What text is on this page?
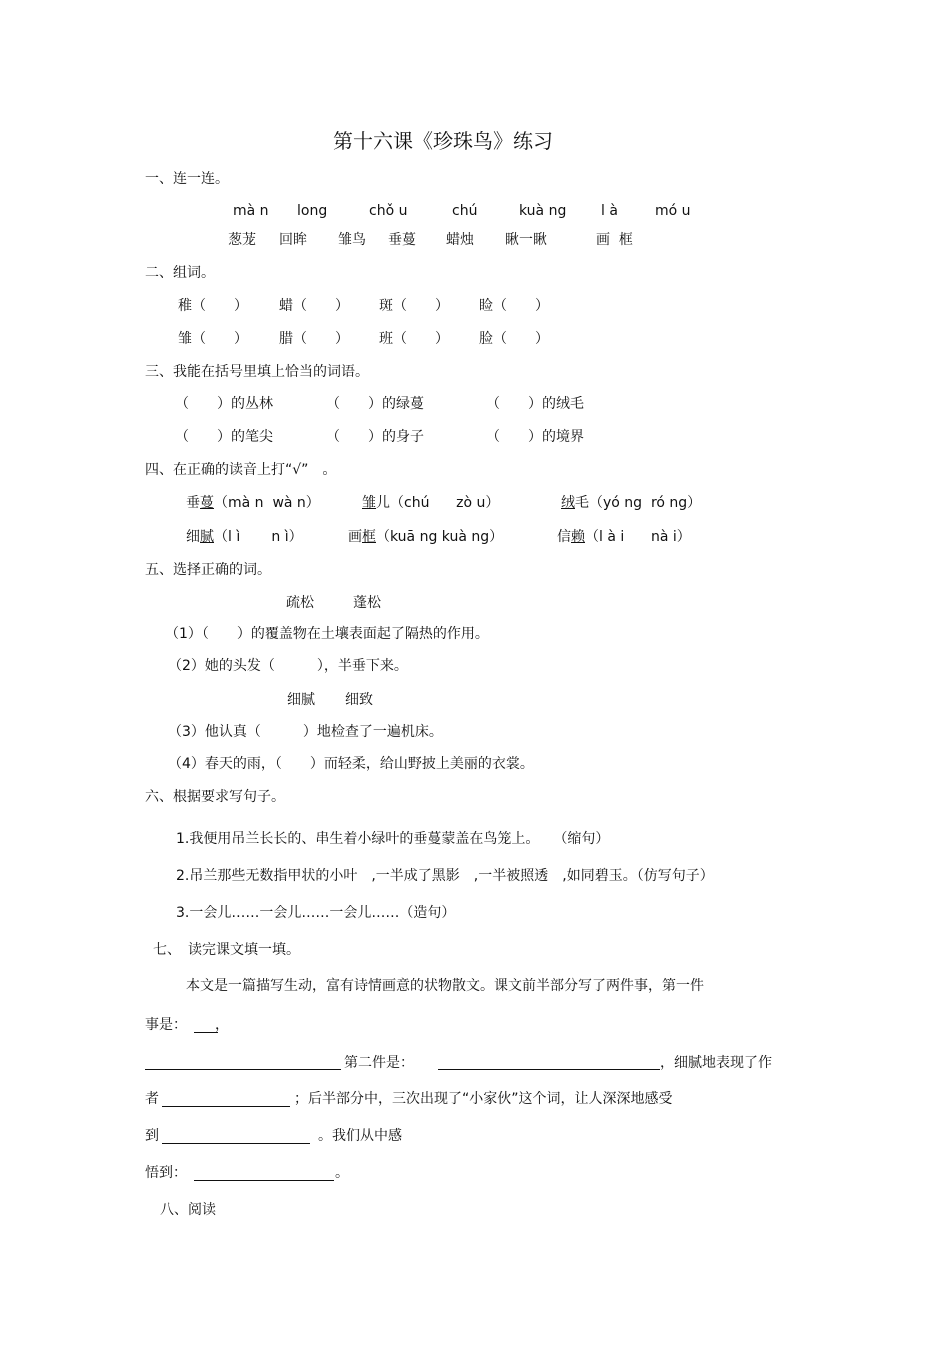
第十六课《珍珠鸟》练习
一、连一连。
mà n long	chǒ u	chú	kuà ng l à	mó u
葱茏 回眸 雏鸟 垂蔓 蜡烛 瞅一瞅	画  框
二、组词。
稚（　　） 蜡（　　） 斑（　　） 睑（　　）
雏（　　） 腊（　　） 班（　　） 脸（　　）
三、我能在括号里填上恰当的词语。
（　　）的丛林	（　　）的绿蔓	（　　）的绒毛
（　　）的笔尖	（　　）的身子	（　　）的境界
四、在正确的读音上打“√”　。
垂蔓（mà n  wà n）	雏儿（chú      zò u）	绒毛（yó ng  ró ng）
细腻（l ì       n ì）	画框（kuā ng kuà ng）	信赖（l à i      nà i）
五、选择正确的词。
疏松	蓬松
（1）（　　）的覆盖物在土壤表面起了隔热的作用。
（2）她的头发（　　　），半垂下来。
细腻 细致
（3）他认真（　　　）地检查了一遍机床。
（4）春天的雨，（　　）而轻柔，给山野披上美丽的衣裳。
六、根据要求写句子。
1.我便用吊兰长长的、串生着小绿叶的垂蔓蒙盖在鸟笼上。　　（缩句）
2.吊兰那些无数指甲状的小叶　,一半成了黑影　,一半被照透　,如同碧玉。（仿写句子）
3.一会儿……一会儿……一会儿……（造句）
七、　读完课文填一填。
本文是一篇描写生动，富有诗情画意的状物散文。课文前半部分写了两件事，第一件
事是： ，
第二件是：	，细腻地表现了作
者	；后半部分中，三次出现了“小家伙”这个词，让人深深地感受
到	。我们从中感
悟到：	。
八、阅读
